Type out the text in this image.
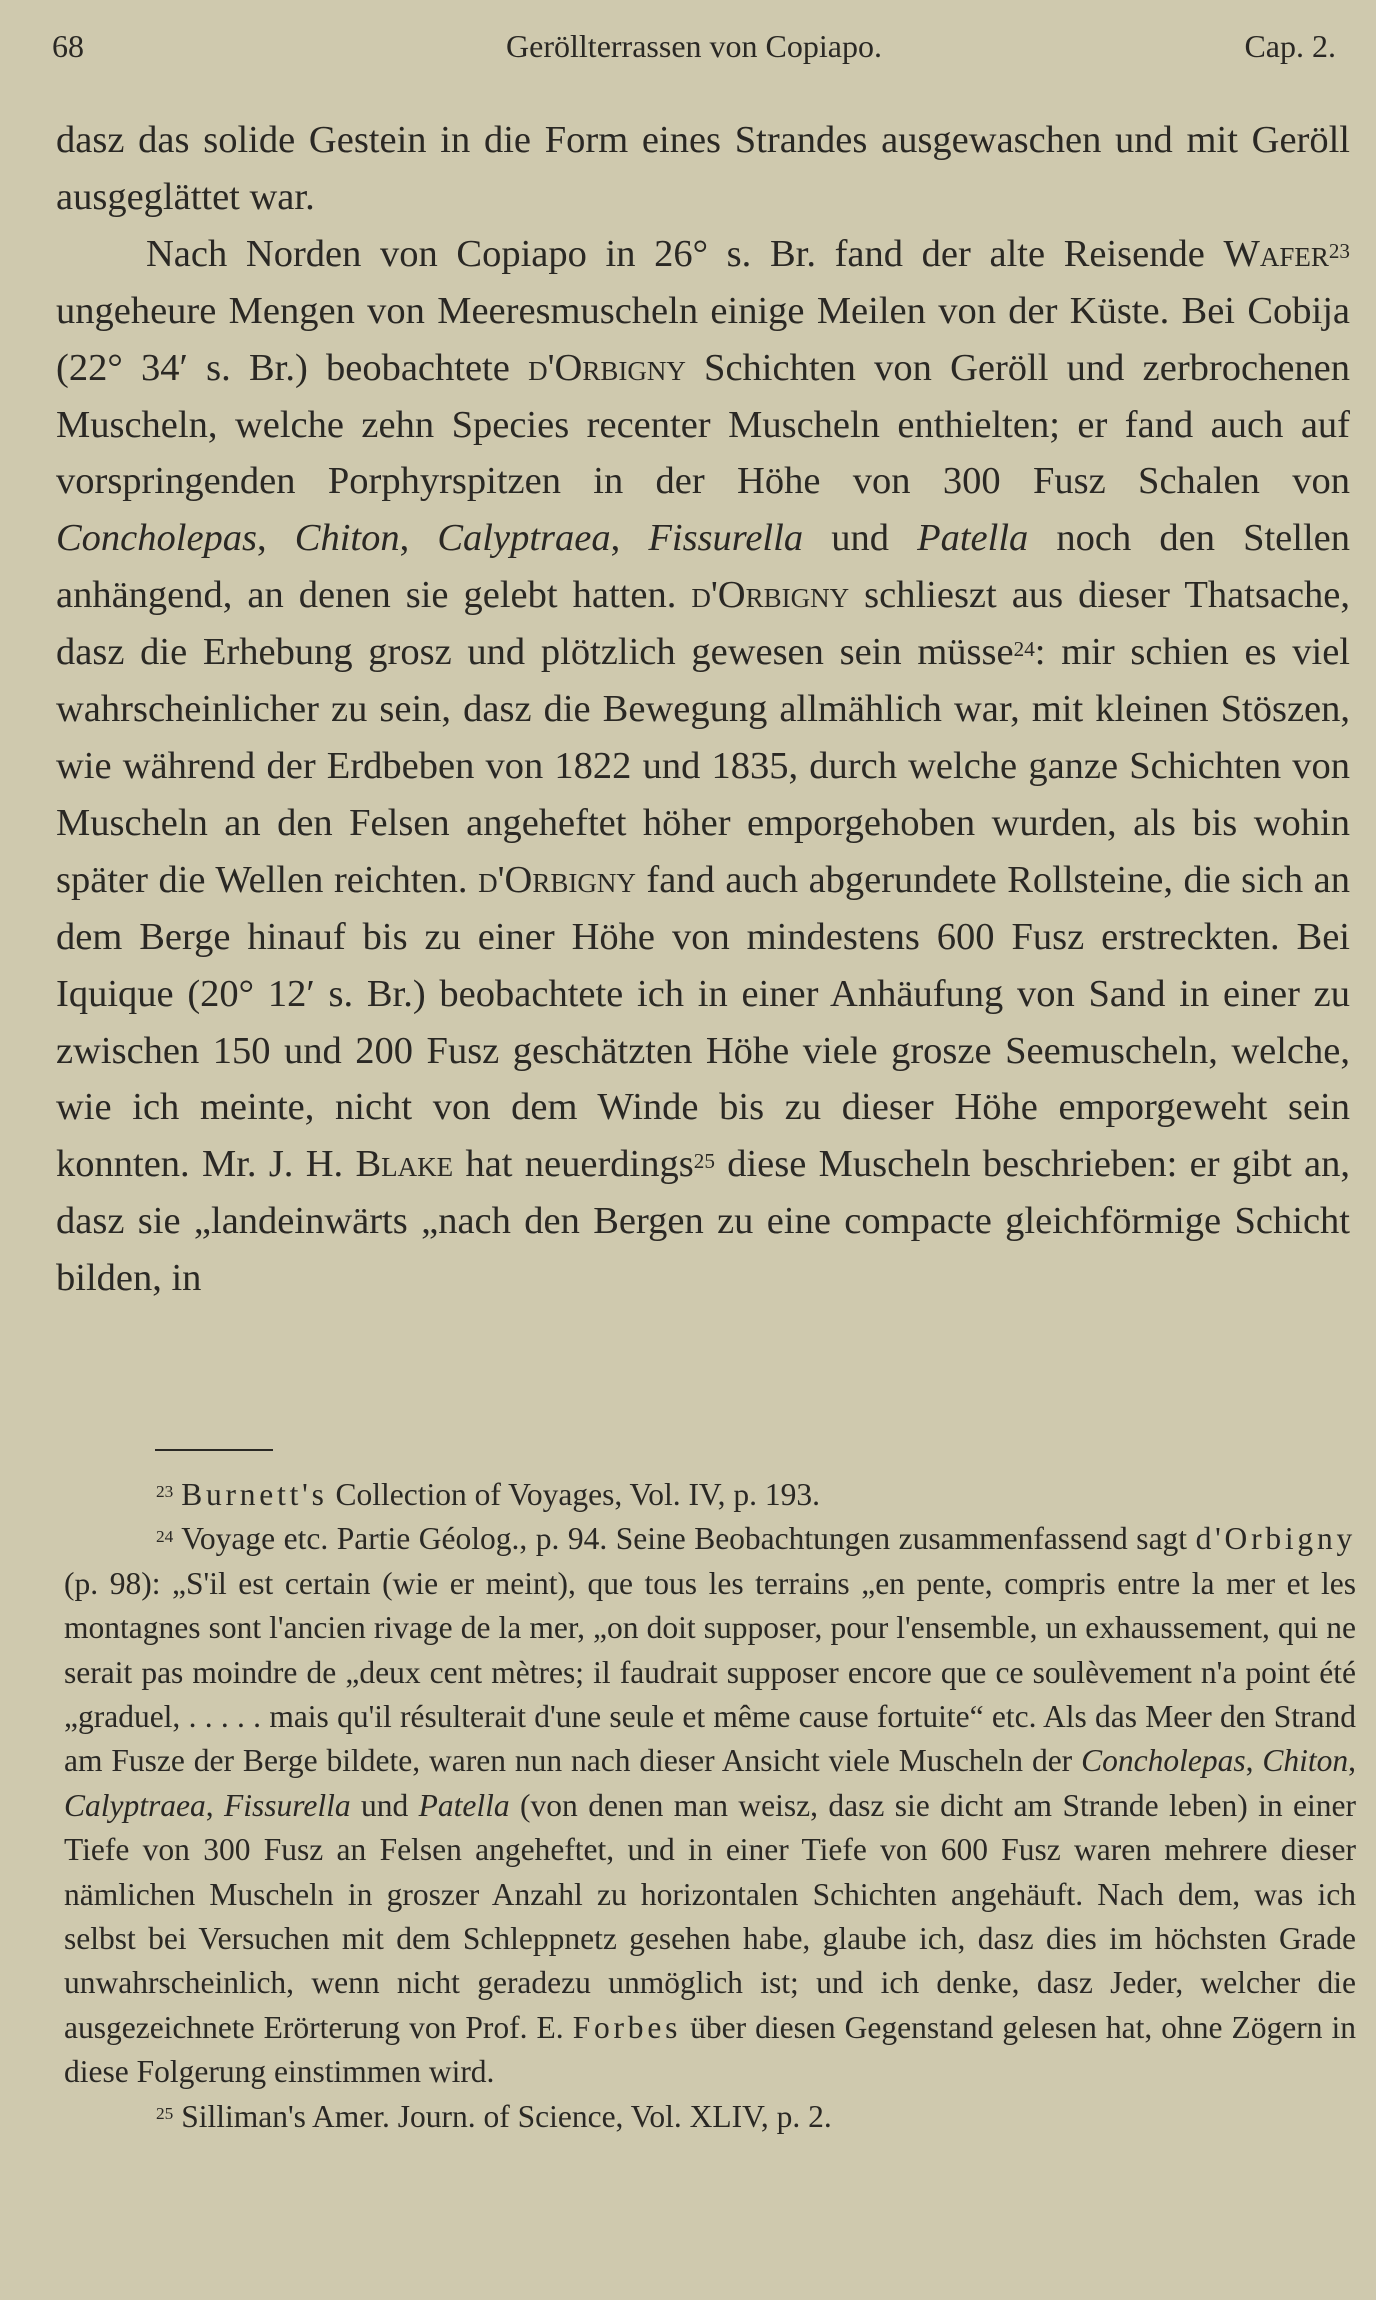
68	Geröllterrassen von Copiapo.	Cap. 2.

dasz das solide Gestein in die Form eines Strandes ausgewaschen und mit Geröll ausgeglättet war.

Nach Norden von Copiapo in 26° s. Br. fand der alte Reisende Wafer$^{23}$ ungeheure Mengen von Meeresmuscheln einige Meilen von der Küste. Bei Cobija (22° 34′ s. Br.) beobachtete d'Orbigny Schichten von Geröll und zerbrochenen Muscheln, welche zehn Species recenter Muscheln enthielten; er fand auch auf vorspringenden Porphyrspitzen in der Höhe von 300 Fusz Schalen von Concholepas, Chiton, Calyptraea, Fissurella und Patella noch den Stellen anhängend, an denen sie gelebt hatten. d'Orbigny schlieszt aus dieser Thatsache, dasz die Erhebung grosz und plötzlich gewesen sein müsse$^{24}$: mir schien es viel wahrscheinlicher zu sein, dasz die Bewegung allmählich war, mit kleinen Stöszen, wie während der Erdbeben von 1822 und 1835, durch welche ganze Schichten von Muscheln an den Felsen angeheftet höher emporgehoben wurden, als bis wohin später die Wellen reichten. d'Orbigny fand auch abgerundete Rollsteine, die sich an dem Berge hinauf bis zu einer Höhe von mindestens 600 Fusz erstreckten. Bei Iquique (20° 12′ s. Br.) beobachtete ich in einer Anhäufung von Sand in einer zu zwischen 150 und 200 Fusz geschätzten Höhe viele grosze Seemuscheln, welche, wie ich meinte, nicht von dem Winde bis zu dieser Höhe emporgeweht sein konnten. Mr. J. H. Blake hat neuerdings$^{25}$ diese Muscheln beschrieben: er gibt an, dasz sie „landeinwärts „nach den Bergen zu eine compacte gleichförmige Schicht bilden, in

$^{23}$ Burnett's Collection of Voyages, Vol. IV, p. 193.

$^{24}$ Voyage etc. Partie Géolog., p. 94. Seine Beobachtungen zusammenfassend sagt d'Orbigny (p. 98): „S'il est certain (wie er meint), que tous les terrains „en pente, compris entre la mer et les montagnes sont l'ancien rivage de la mer, „on doit supposer, pour l'ensemble, un exhaussement, qui ne serait pas moindre de „deux cent mètres; il faudrait supposer encore que ce soulèvement n'a point été „graduel, . . . . . mais qu'il résulterait d'une seule et même cause fortuite“ etc. Als das Meer den Strand am Fusze der Berge bildete, waren nun nach dieser Ansicht viele Muscheln der Concholepas, Chiton, Calyptraea, Fissurella und Patella (von denen man weisz, dasz sie dicht am Strande leben) in einer Tiefe von 300 Fusz an Felsen angeheftet, und in einer Tiefe von 600 Fusz waren mehrere dieser nämlichen Muscheln in groszer Anzahl zu horizontalen Schichten angehäuft. Nach dem, was ich selbst bei Versuchen mit dem Schleppnetz gesehen habe, glaube ich, dasz dies im höchsten Grade unwahrscheinlich, wenn nicht geradezu unmöglich ist; und ich denke, dasz Jeder, welcher die ausgezeichnete Erörterung von Prof. E. Forbes über diesen Gegenstand gelesen hat, ohne Zögern in diese Folgerung einstimmen wird.

$^{25}$ Silliman's Amer. Journ. of Science, Vol. XLIV, p. 2.
